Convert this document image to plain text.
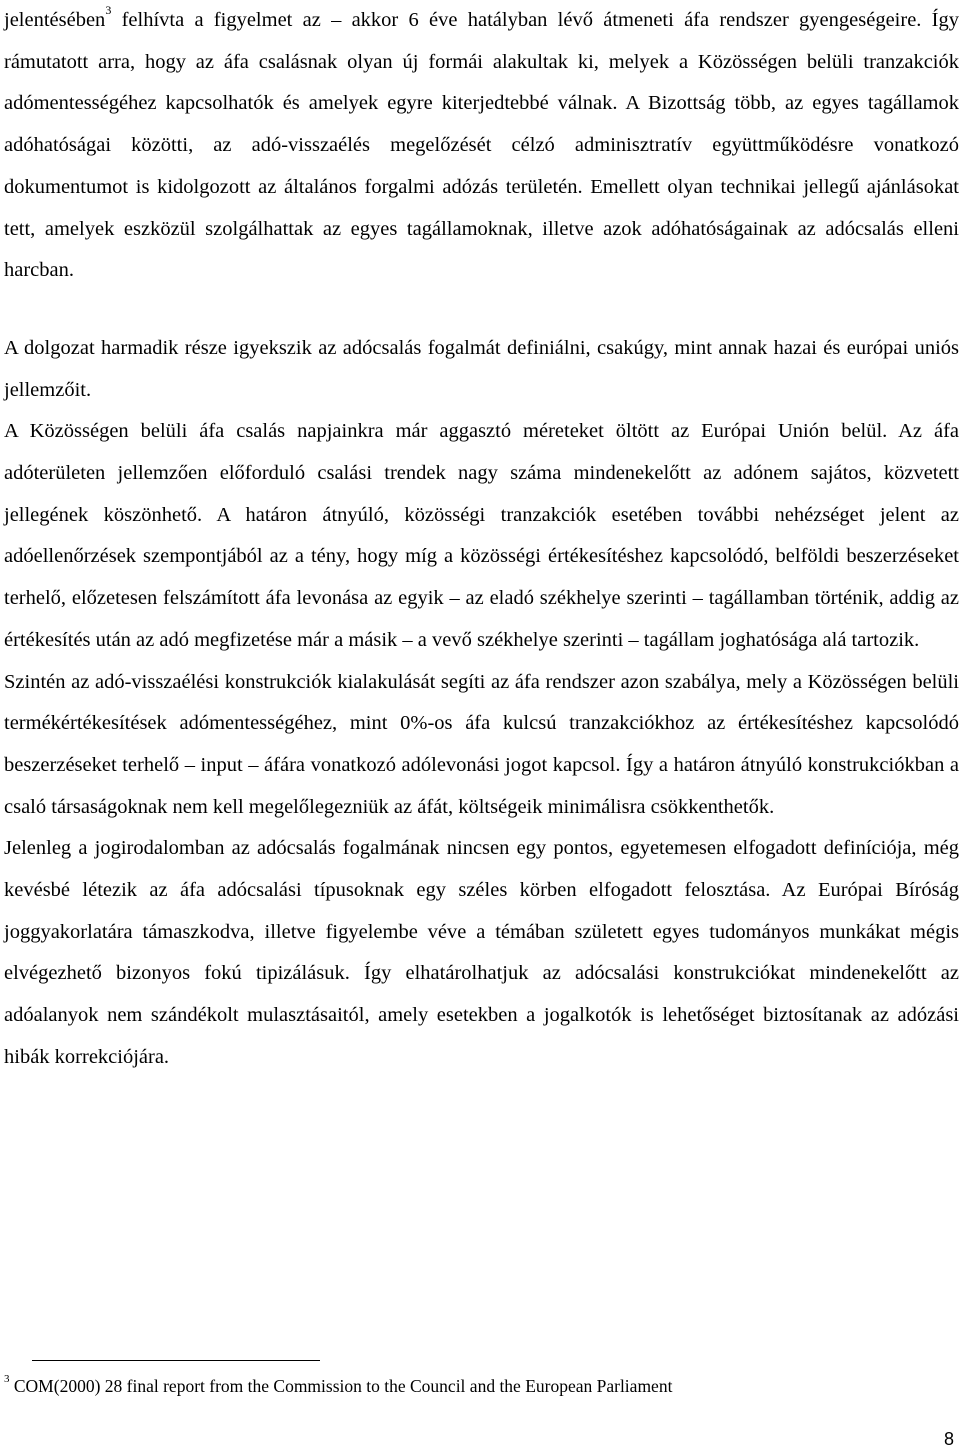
jelentésében$^3$ felhívta a figyelmet az – akkor 6 éve hatályban lévő átmeneti áfa rendszer gyengeségeire. Így rámutatott arra, hogy az áfa csalásnak olyan új formái alakultak ki, melyek a Közösségen belüli tranzakciók adómentességéhez kapcsolhatók és amelyek egyre kiterjedtebbé válnak. A Bizottság több, az egyes tagállamok adóhatóságai közötti, az adó-visszaélés megelőzését célzó adminisztratív együttműködésre vonatkozó dokumentumot is kidolgozott az általános forgalmi adózás területén. Emellett olyan technikai jellegű ajánlásokat tett, amelyek eszközül szolgálhattak az egyes tagállamoknak, illetve azok adóhatóságainak az adócsalás elleni harcban.

A dolgozat harmadik része igyekszik az adócsalás fogalmát definiálni, csakúgy, mint annak hazai és európai uniós jellemzőit.

A Közösségen belüli áfa csalás napjainkra már aggasztó méreteket öltött az Európai Unión belül. Az áfa adóterületen jellemzően előforduló csalási trendek nagy száma mindenekelőtt az adónem sajátos, közvetett jellegének köszönhető. A határon átnyúló, közösségi tranzakciók esetében további nehézséget jelent az adóellenőrzések szempontjából az a tény, hogy míg a közösségi értékesítéshez kapcsolódó, belföldi beszerzéseket terhelő, előzetesen felszámított áfa levonása az egyik – az eladó székhelye szerinti – tagállamban történik, addig az értékesítés után az adó megfizetése már a másik – a vevő székhelye szerinti – tagállam joghatósága alá tartozik.

Szintén az adó-visszaélési konstrukciók kialakulását segíti az áfa rendszer azon szabálya, mely a Közösségen belüli termékértékesítések adómentességéhez, mint 0%-os áfa kulcsú tranzakciókhoz az értékesítéshez kapcsolódó beszerzéseket terhelő – input – áfára vonatkozó adólevonási jogot kapcsol. Így a határon átnyúló konstrukciókban a csaló társaságoknak nem kell megelőlegezniük az áfát, költségeik minimálisra csökkenthetők.

Jelenleg a jogirodalomban az adócsalás fogalmának nincsen egy pontos, egyetemesen elfogadott definíciója, még kevésbé létezik az áfa adócsalási típusoknak egy széles körben elfogadott felosztása. Az Európai Bíróság joggyakorlatára támaszkodva, illetve figyelembe véve a témában született egyes tudományos munkákat mégis elvégezhető bizonyos fokú tipizálásuk. Így elhatárolhatjuk az adócsalási konstrukciókat mindenekelőtt az adóalanyok nem szándékolt mulasztásaitól, amely esetekben a jogalkotók is lehetőséget biztosítanak az adózási hibák korrekciójára.

$^3$ COM(2000) 28 final report from the Commission to the Council and the European Parliament
8
